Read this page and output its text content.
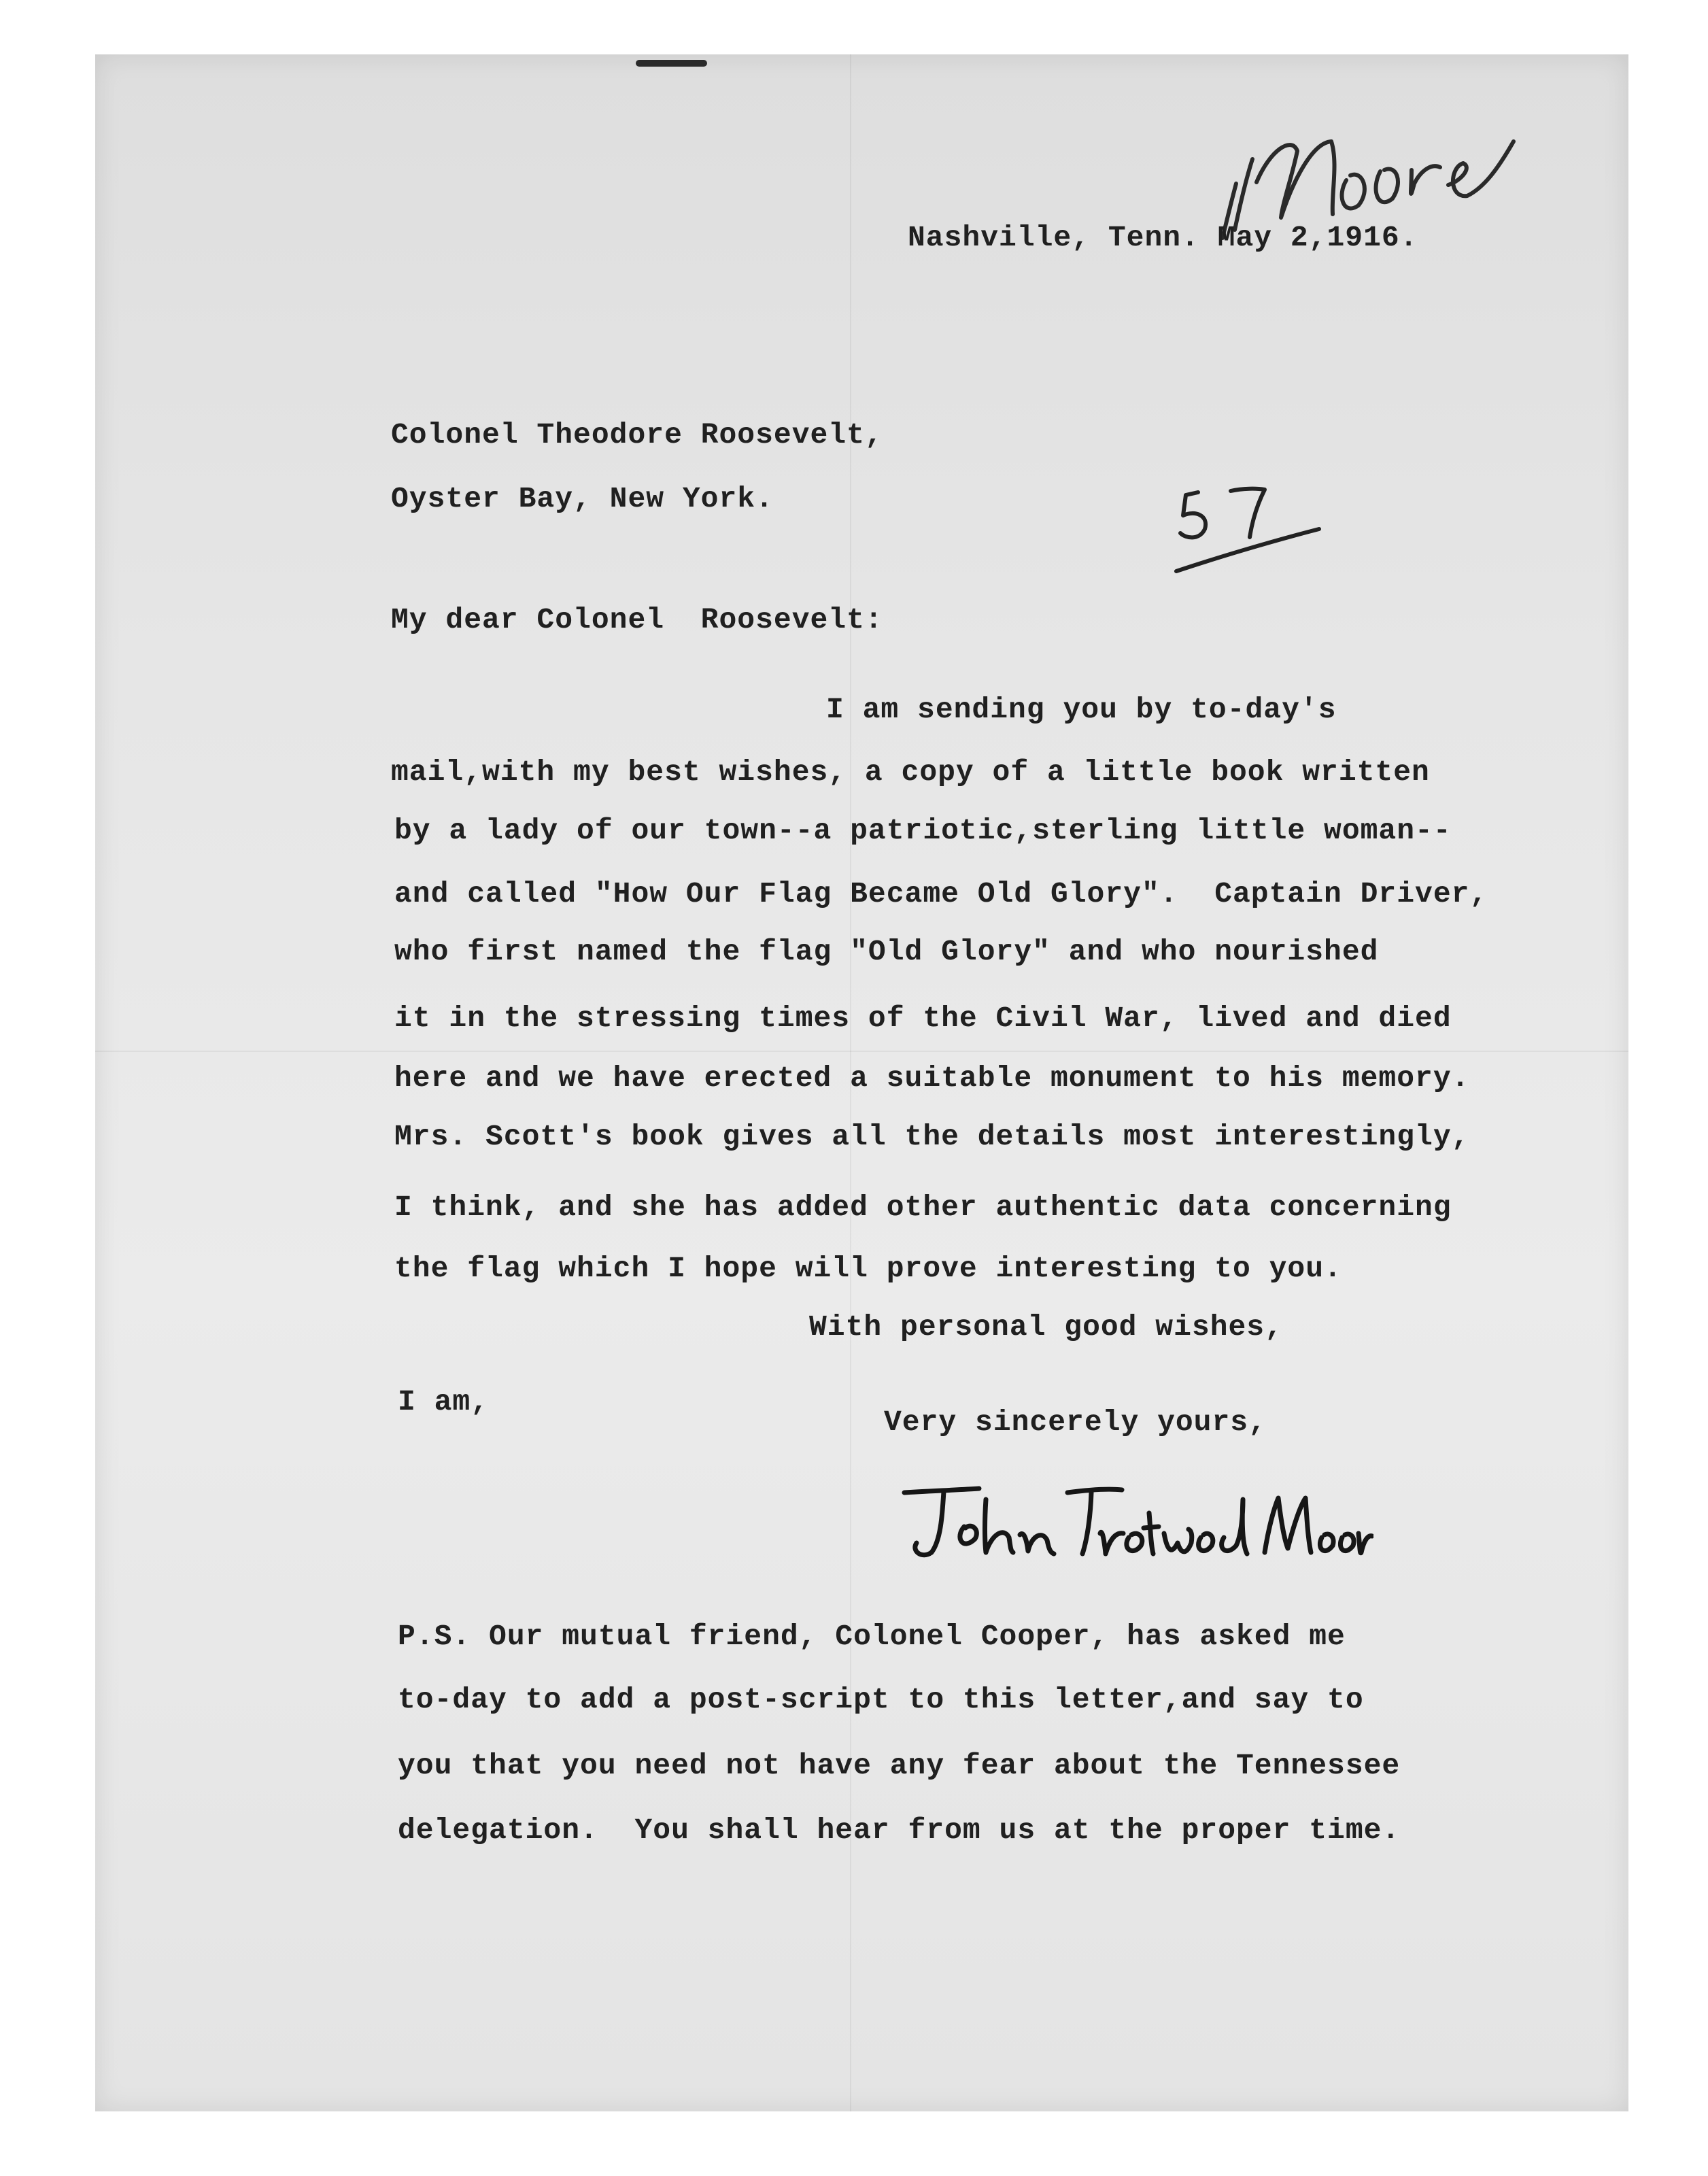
Nashville, Tenn. May 2,1916.
Colonel Theodore Roosevelt,
Oyster Bay, New York.
My dear Colonel  Roosevelt:
I am sending you by to-day's
mail,with my best wishes, a copy of a little book written
by a lady of our town--a patriotic,sterling little woman--
and called "How Our Flag Became Old Glory".  Captain Driver,
who first named the flag "Old Glory" and who nourished
it in the stressing times of the Civil War, lived and died
here and we have erected a suitable monument to his memory.
Mrs. Scott's book gives all the details most interestingly,
I think, and she has added other authentic data concerning
the flag which I hope will prove interesting to you.
With personal good wishes,
I am,
Very sincerely yours,
P.S. Our mutual friend, Colonel Cooper, has asked me
to-day to add a post-script to this letter,and say to
you that you need not have any fear about the Tennessee
delegation.  You shall hear from us at the proper time.
